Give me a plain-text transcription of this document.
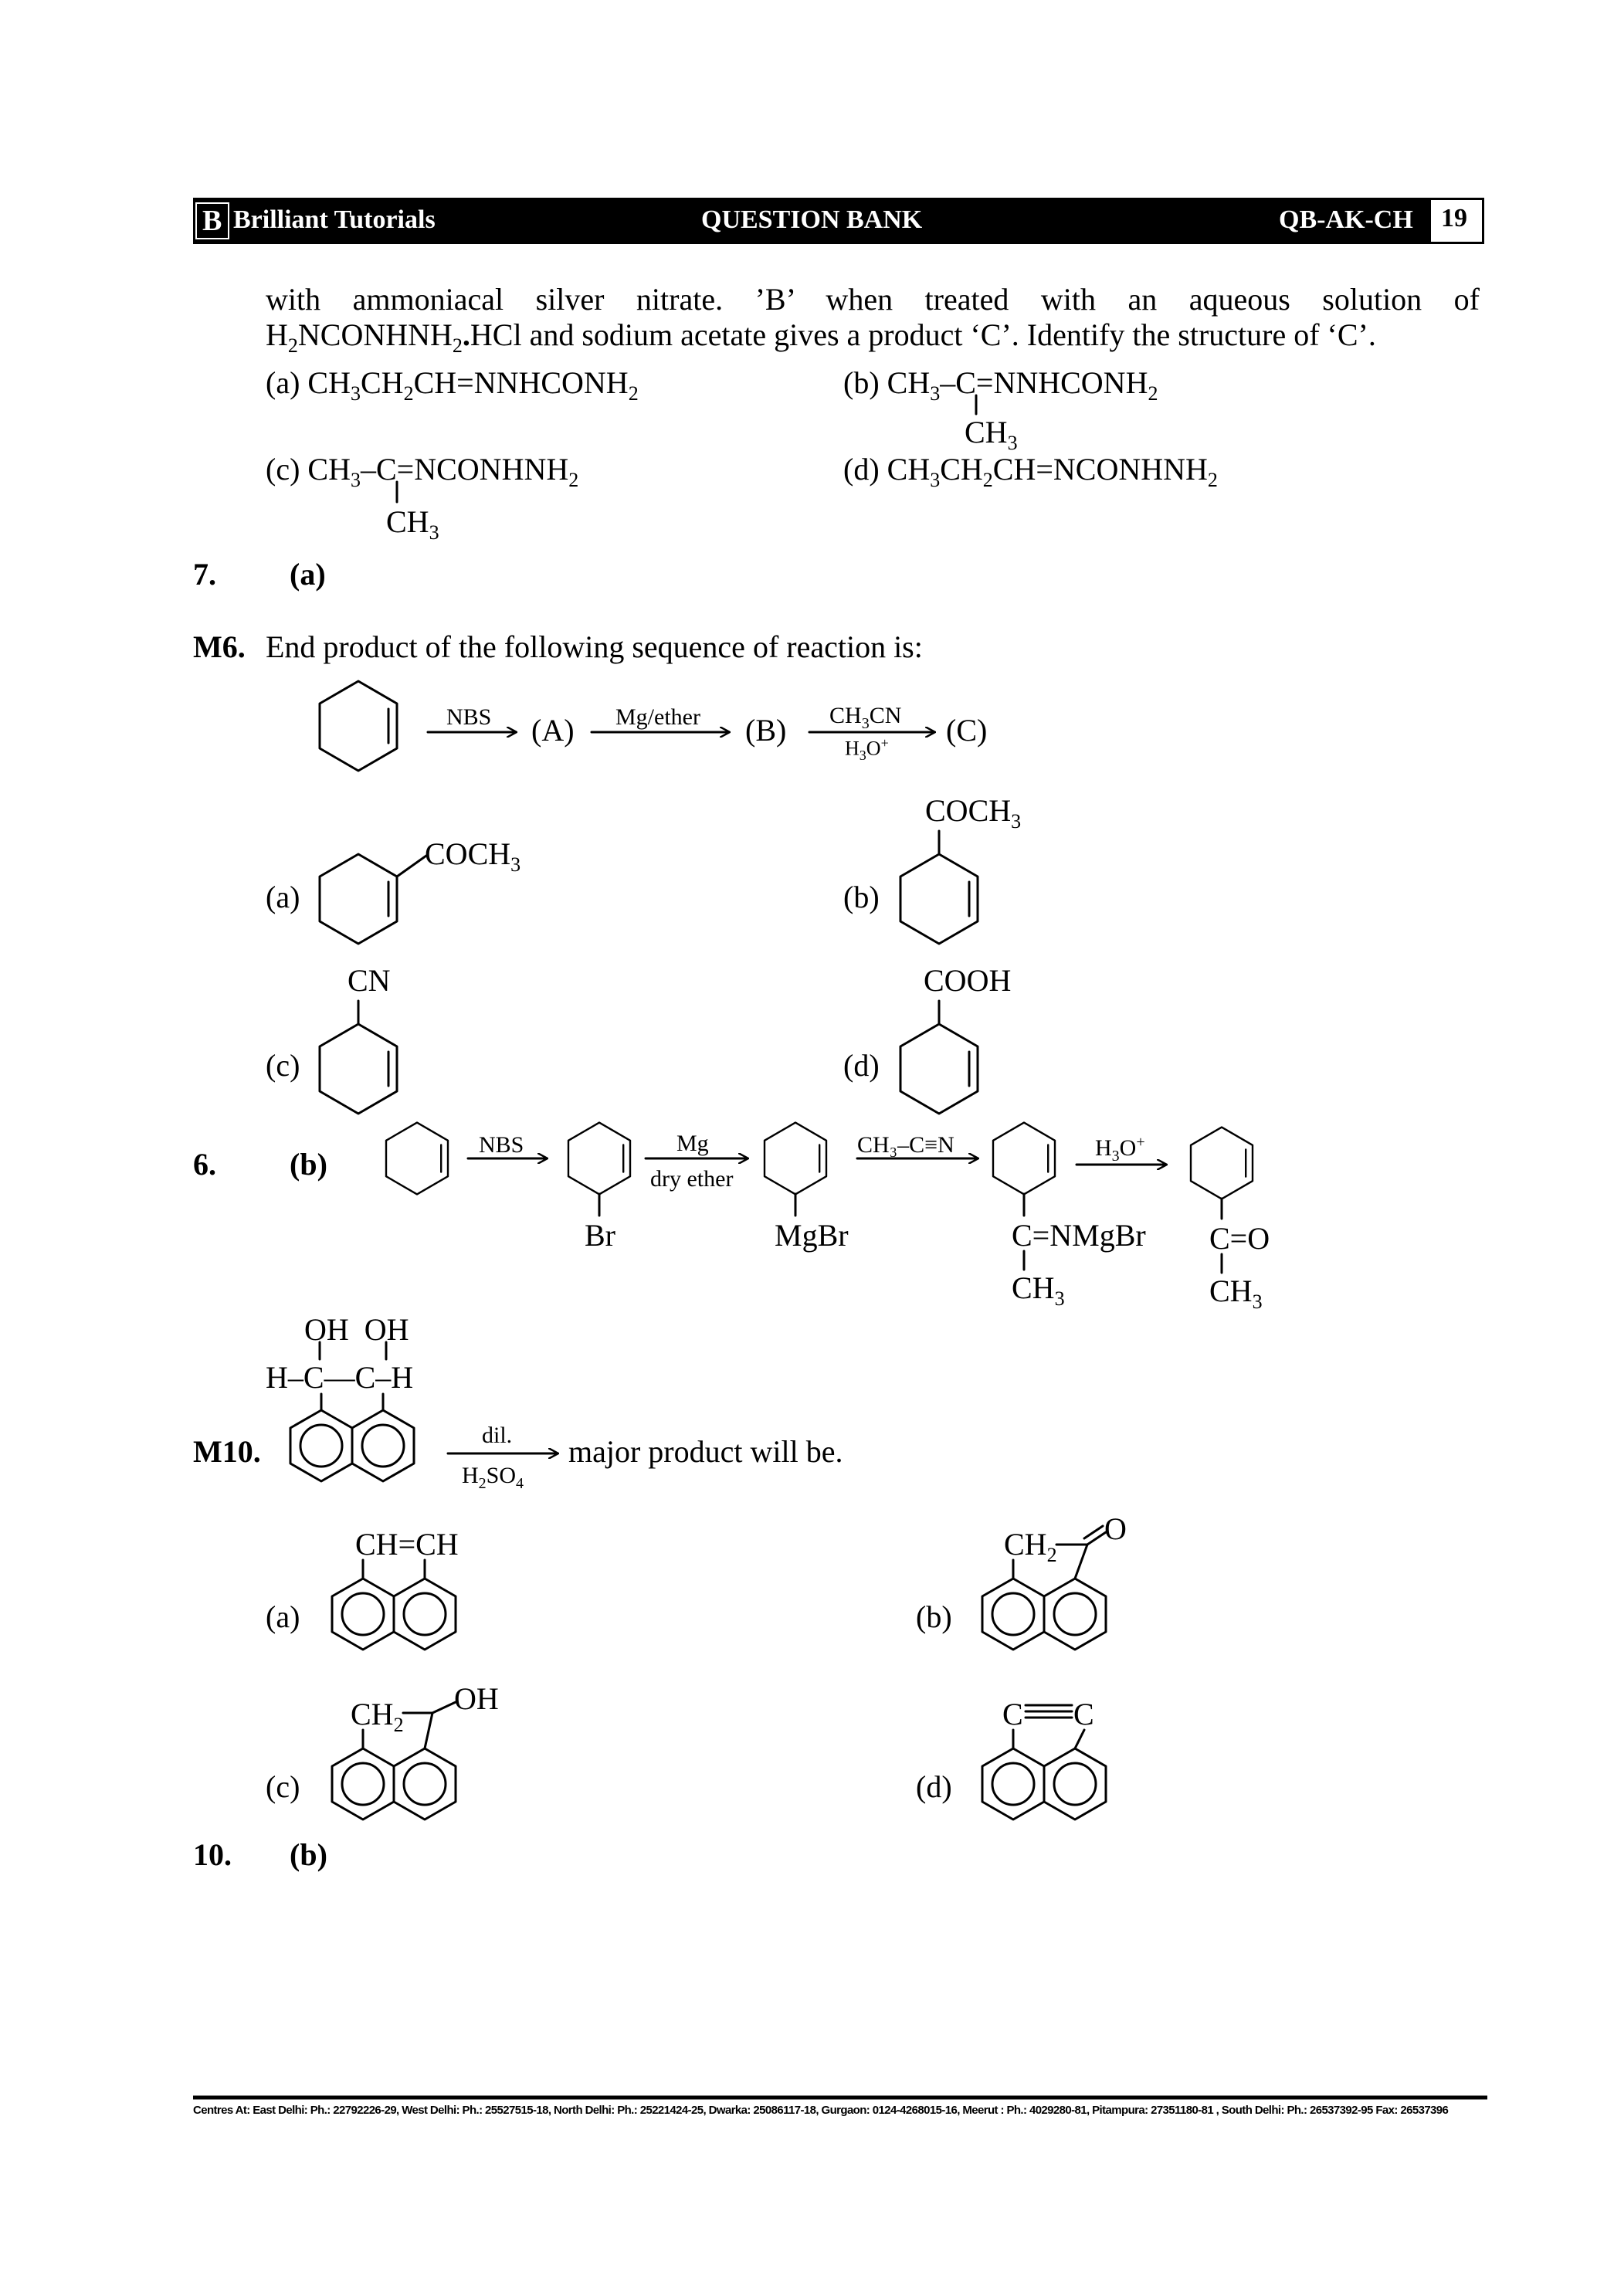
B Brilliant Tutorials	QUESTION BANK	QB-AK-CH 19
with ammoniacal silver nitrate. ’B’ when treated with an aqueous solution of
$H_2NCONHNH_2.HCl$ and sodium acetate gives a product ‘C’. Identify the structure of ‘C’.
(a) $CH_3CH_2CH=NNHCONH_2$	(b) $CH_3-C=NNHCONH_2$
$CH_3$
(c) $CH_3-C=NCONHNH_2$
$CH_3$
(d) $CH_3CH_2CH=NCONHNH_2$
7. (a)
M6. End product of the following sequence of reaction is:
NBS (A) Mg/ether (B) $CH_3CN$
$H_3O^+$ (C)
(a)
$COCH_3$
(b)
$COCH_3$
(c)
CN
(d)
COOH
6. (b)
NBS	Mg
dry ether
CH₃–C≡N	$H_3O^+$
Br	MgBr	C=NMgBr
$CH_3$
C=O
$CH_3$
OH  OH
H–C—C–H
M10.	dil.
$H_2SO_4$
major product will be.
(a)
CH=CH
(b)
$CH_2$
O
(c)
$CH_2$
OH
(d)
C C
10. (b)
Centres At: East Delhi: Ph.: 22792226-29, West Delhi: Ph.: 25527515-18, North Delhi: Ph.: 25221424-25, Dwarka: 25086117-18, Gurgaon: 0124-4268015-16, Meerut : Ph.: 4029280-81, Pitampura: 27351180-81 , South Delhi: Ph.: 26537392-95 Fax: 26537396
